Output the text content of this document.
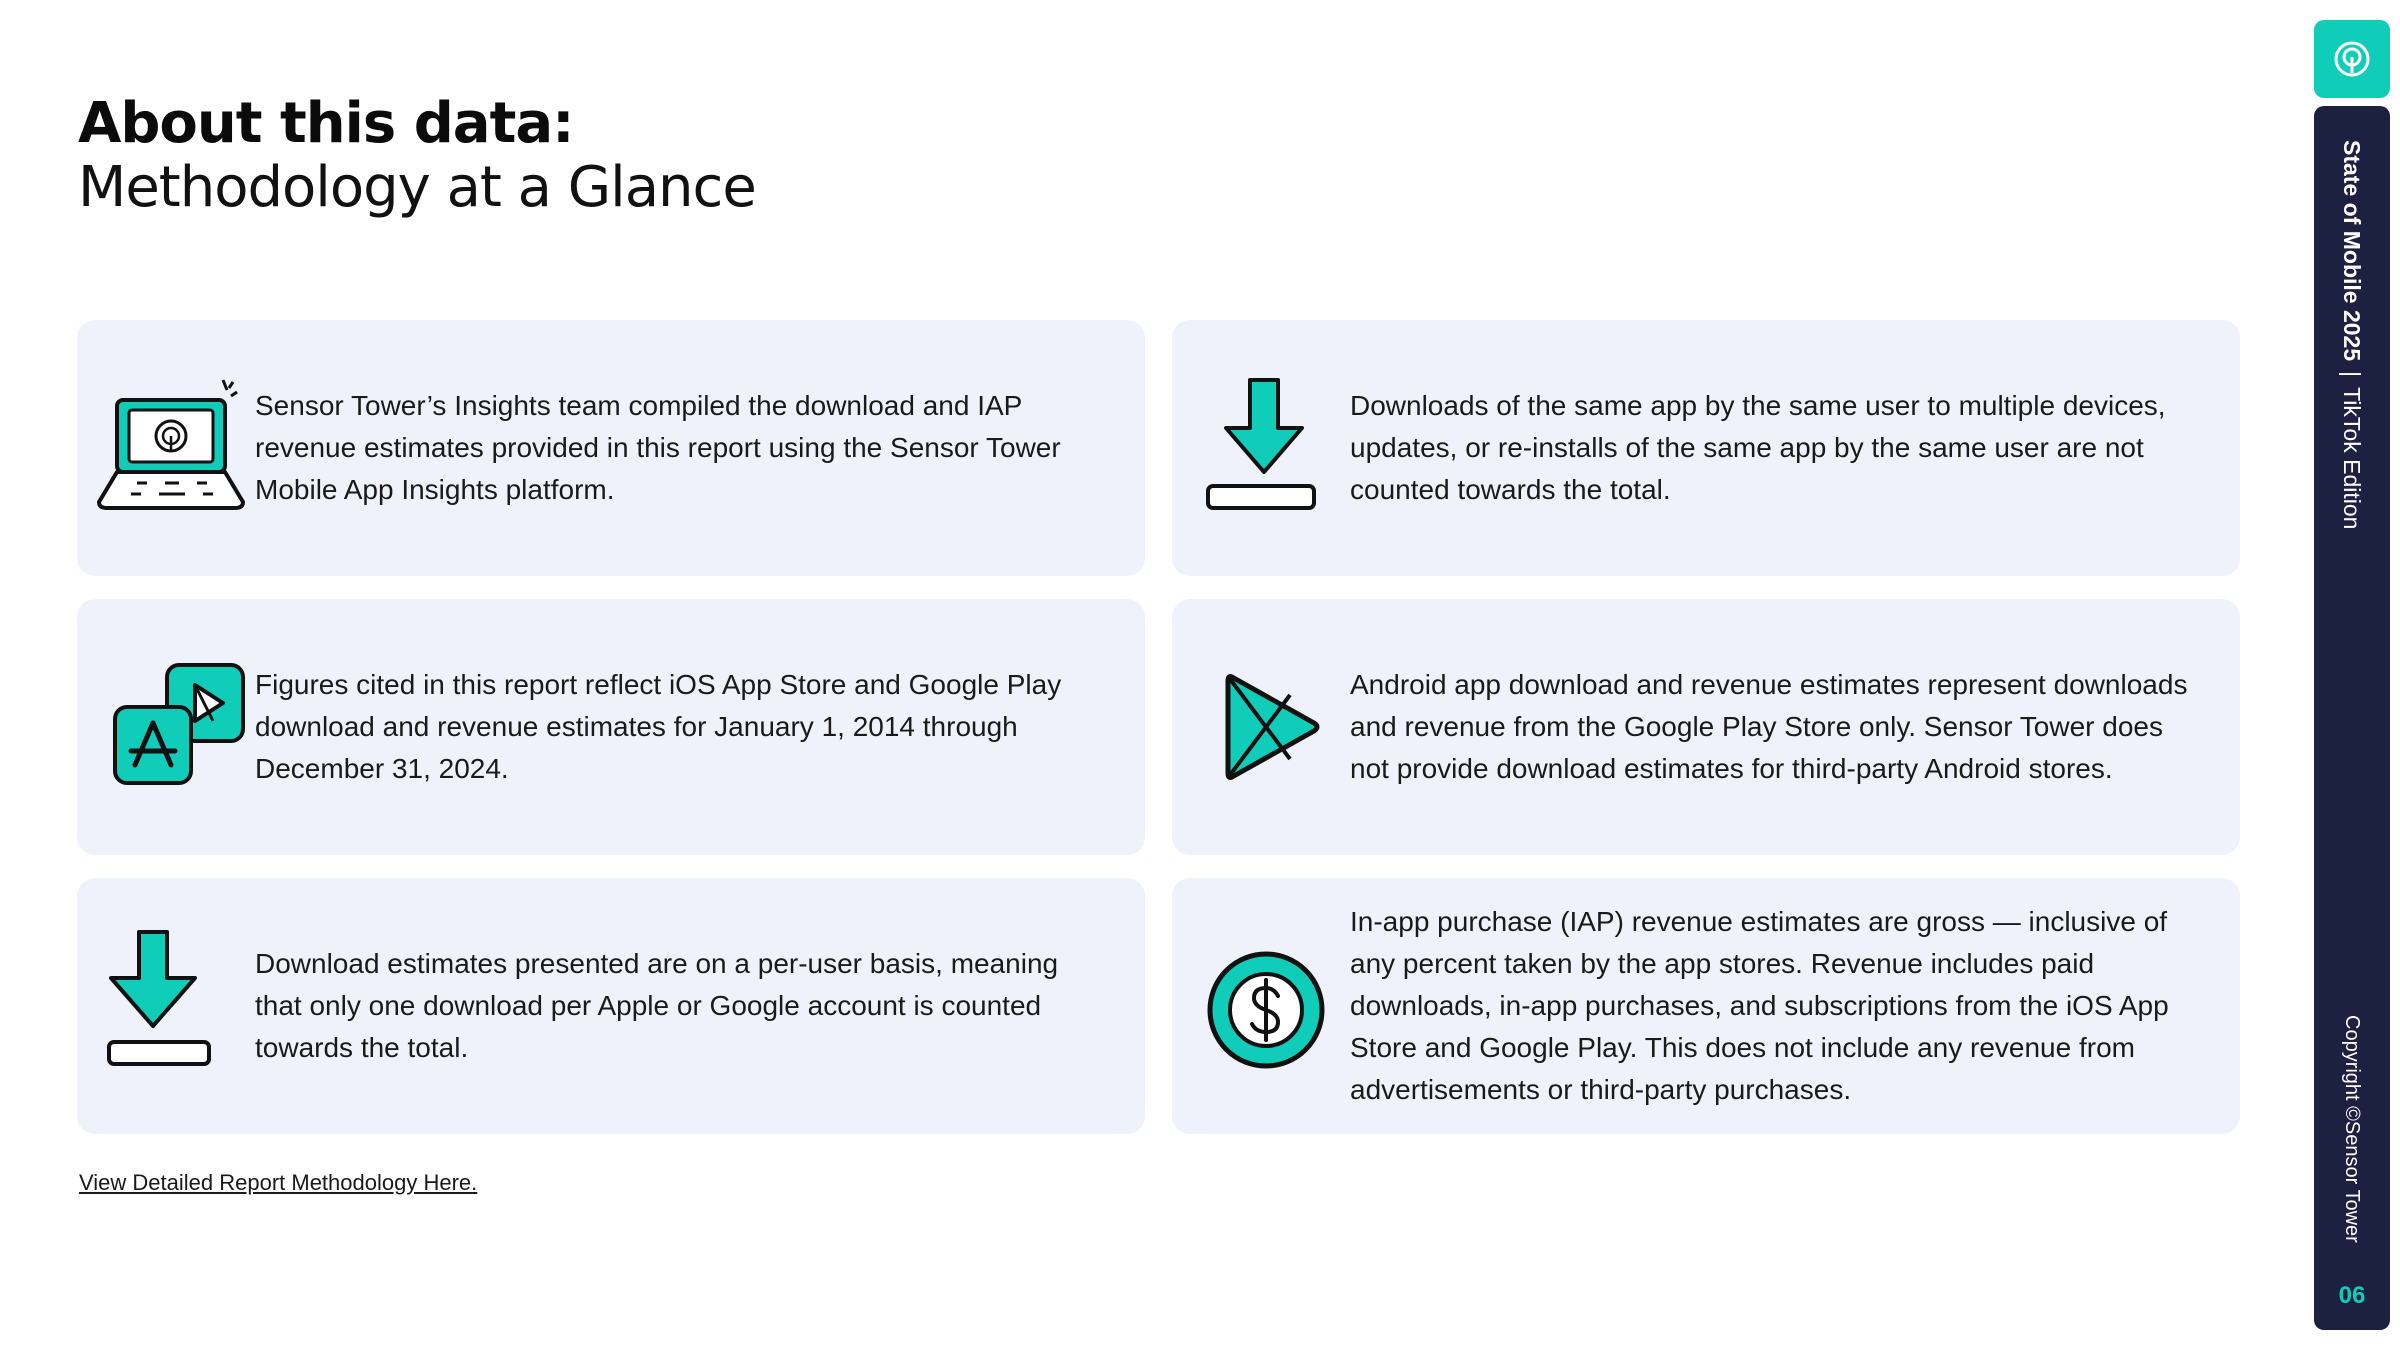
About this data:
Methodology at a Glance
Sensor Tower’s Insights team compiled the download and IAP revenue estimates provided in this report using the Sensor Tower Mobile App Insights platform.
Downloads of the same app by the same user to multiple devices, updates, or re-installs of the same app by the same user are not counted towards the total.
Figures cited in this report reflect iOS App Store and Google Play download and revenue estimates for January 1, 2014 through December 31, 2024.
Android app download and revenue estimates represent downloads and revenue from the Google Play Store only. Sensor Tower does not provide download estimates for third-party Android stores.
Download estimates presented are on a per-user basis, meaning that only one download per Apple or Google account is counted towards the total.
In-app purchase (IAP) revenue estimates are gross — inclusive of any percent taken by the app stores. Revenue includes paid downloads, in-app purchases, and subscriptions from the iOS App Store and Google Play. This does not include any revenue from advertisements or third-party purchases.
View Detailed Report Methodology Here.
State of Mobile 2025|TikTok Edition
Copyright ©Sensor Tower
06
